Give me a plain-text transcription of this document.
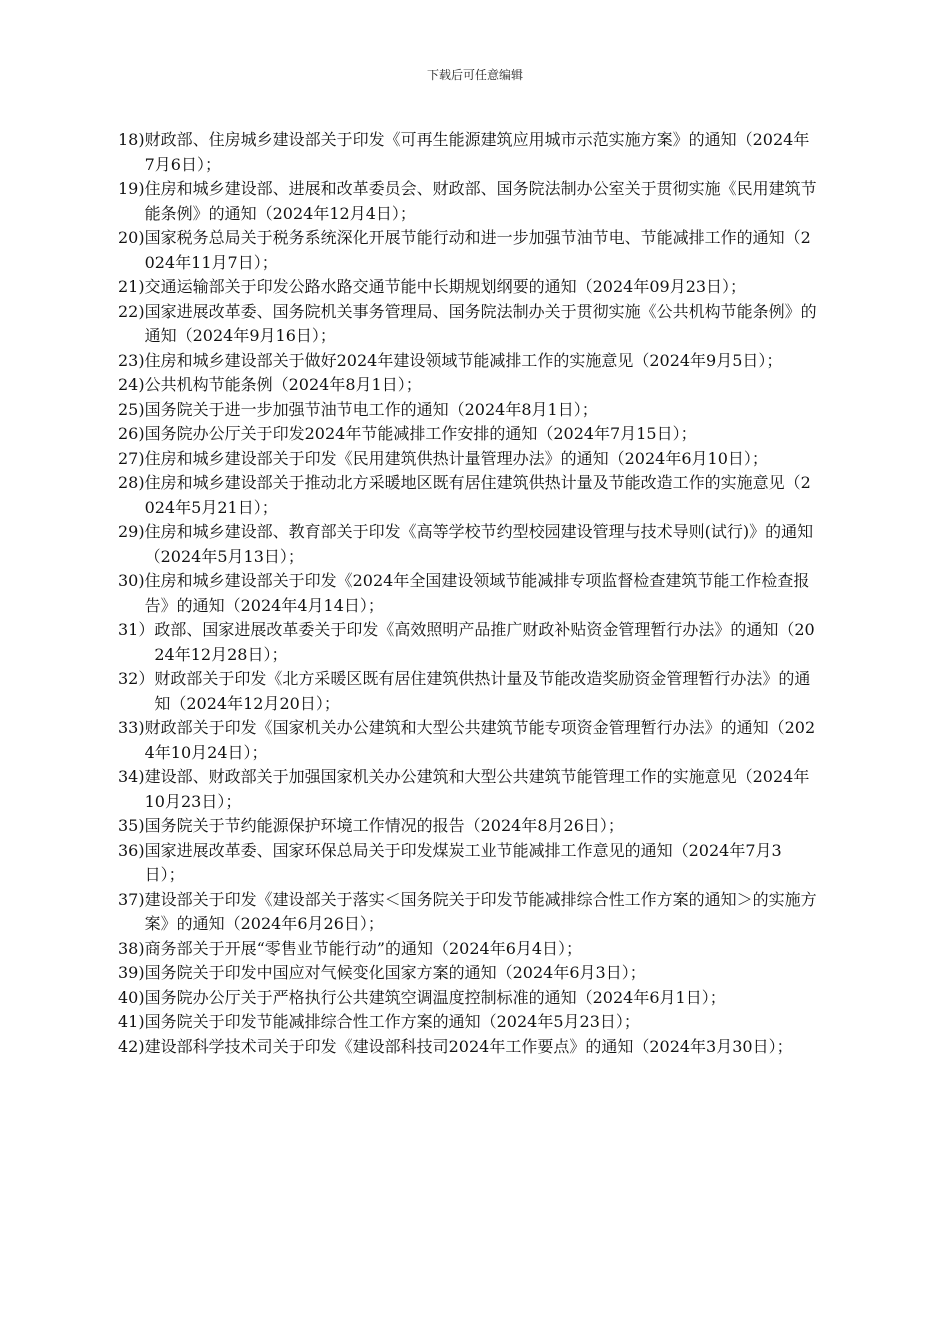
下载后可任意编辑
18) 财政部、住房城乡建设部关于印发《可再生能源建筑应用城市示范实施方案》的通知（2024年7月6日）；
19) 住房和城乡建设部、进展和改革委员会、财政部、国务院法制办公室关于贯彻实施《民用建筑节能条例》的通知（2024年12月4日）；
20) 国家税务总局关于税务系统深化开展节能行动和进一步加强节油节电、节能减排工作的通知（2024年11月7日）；
21) 交通运输部关于印发公路水路交通节能中长期规划纲要的通知（2024年09月23日）；
22) 国家进展改革委、国务院机关事务管理局、国务院法制办关于贯彻实施《公共机构节能条例》的通知（2024年9月16日）；
23) 住房和城乡建设部关于做好2024年建设领域节能减排工作的实施意见（2024年9月5日）；
24) 公共机构节能条例（2024年8月1日）；
25) 国务院关于进一步加强节油节电工作的通知（2024年8月1日）；
26) 国务院办公厅关于印发2024年节能减排工作安排的通知（2024年7月15日）；
27) 住房和城乡建设部关于印发《民用建筑供热计量管理办法》的通知（2024年6月10日）；
28) 住房和城乡建设部关于推动北方采暖地区既有居住建筑供热计量及节能改造工作的实施意见（2024年5月21日）；
29) 住房和城乡建设部、教育部关于印发《高等学校节约型校园建设管理与技术导则(试行)》的通知（2024年5月13日）；
30) 住房和城乡建设部关于印发《2024年全国建设领域节能减排专项监督检查建筑节能工作检查报告》的通知（2024年4月14日）；
31） 政部、国家进展改革委关于印发《高效照明产品推广财政补贴资金管理暂行办法》的通知（2024年12月28日）；
32） 财政部关于印发《北方采暖区既有居住建筑供热计量及节能改造奖励资金管理暂行办法》的通知（2024年12月20日）；
33) 财政部关于印发《国家机关办公建筑和大型公共建筑节能专项资金管理暂行办法》的通知（2024年10月24日）；
34) 建设部、财政部关于加强国家机关办公建筑和大型公共建筑节能管理工作的实施意见（2024年10月23日）；
35) 国务院关于节约能源保护环境工作情况的报告（2024年8月26日）；
36) 国家进展改革委、国家环保总局关于印发煤炭工业节能减排工作意见的通知（2024年7月3日）；
37) 建设部关于印发《建设部关于落实＜国务院关于印发节能减排综合性工作方案的通知＞的实施方案》的通知（2024年6月26日）；
38) 商务部关于开展“零售业节能行动”的通知（2024年6月4日）；
39) 国务院关于印发中国应对气候变化国家方案的通知（2024年6月3日）；
40) 国务院办公厅关于严格执行公共建筑空调温度控制标准的通知（2024年6月1日）；
41) 国务院关于印发节能减排综合性工作方案的通知（2024年5月23日）；
42) 建设部科学技术司关于印发《建设部科技司2024年工作要点》的通知（2024年3月30日）；
